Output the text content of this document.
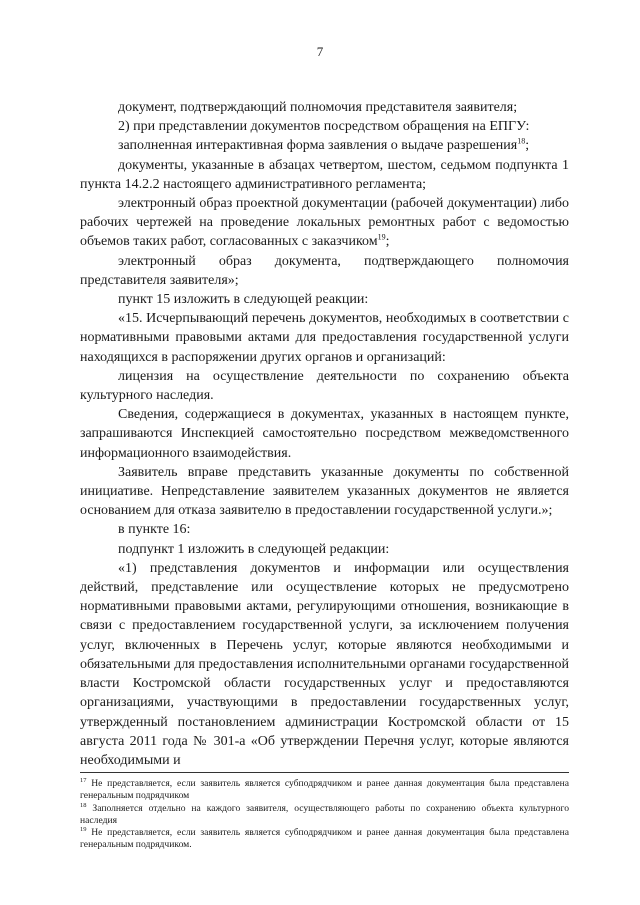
7

документ, подтверждающий полномочия представителя заявителя;

2) при представлении документов посредством обращения на ЕПГУ:

заполненная интерактивная форма заявления о выдаче разрешения$^{18}$;

документы, указанные в абзацах четвертом, шестом, седьмом подпункта 1 пункта 14.2.2 настоящего административного регламента;

электронный образ проектной документации (рабочей документации) либо рабочих чертежей на проведение локальных ремонтных работ с ведомостью объемов таких работ, согласованных с заказчиком$^{19}$;

электронный образ документа, подтверждающего полномочия представителя заявителя»;

пункт 15 изложить в следующей реакции:

«15. Исчерпывающий перечень документов, необходимых в соответствии с нормативными правовыми актами для предоставления государственной услуги находящихся в распоряжении других органов и организаций:

лицензия на осуществление деятельности по сохранению объекта культурного наследия.

Сведения, содержащиеся в документах, указанных в настоящем пункте, запрашиваются Инспекцией самостоятельно посредством межведомственного информационного взаимодействия.

Заявитель вправе представить указанные документы по собственной инициативе. Непредставление заявителем указанных документов не является основанием для отказа заявителю в предоставлении государственной услуги.»;

в пункте 16:

подпункт 1 изложить в следующей редакции:

«1) представления документов и информации или осуществления действий, представление или осуществление которых не предусмотрено нормативными правовыми актами, регулирующими отношения, возникающие в связи с предоставлением государственной услуги, за исключением получения услуг, включенных в Перечень услуг, которые являются необходимыми и обязательными для предоставления исполнительными органами государственной власти Костромской области государственных услуг и предоставляются организациями, участвующими в предоставлении государственных услуг, утвержденный постановлением администрации Костромской области от 15 августа 2011 года № 301-а «Об утверждении Перечня услуг, которые являются необходимыми и

$^{17}$ Не представляется, если заявитель является субподрядчиком и ранее данная документация была представлена генеральным подрядчиком

$^{18}$ Заполняется отдельно на каждого заявителя, осуществляющего работы по сохранению объекта культурного наследия

$^{19}$ Не представляется, если заявитель является субподрядчиком и ранее данная документация была представлена генеральным подрядчиком.
